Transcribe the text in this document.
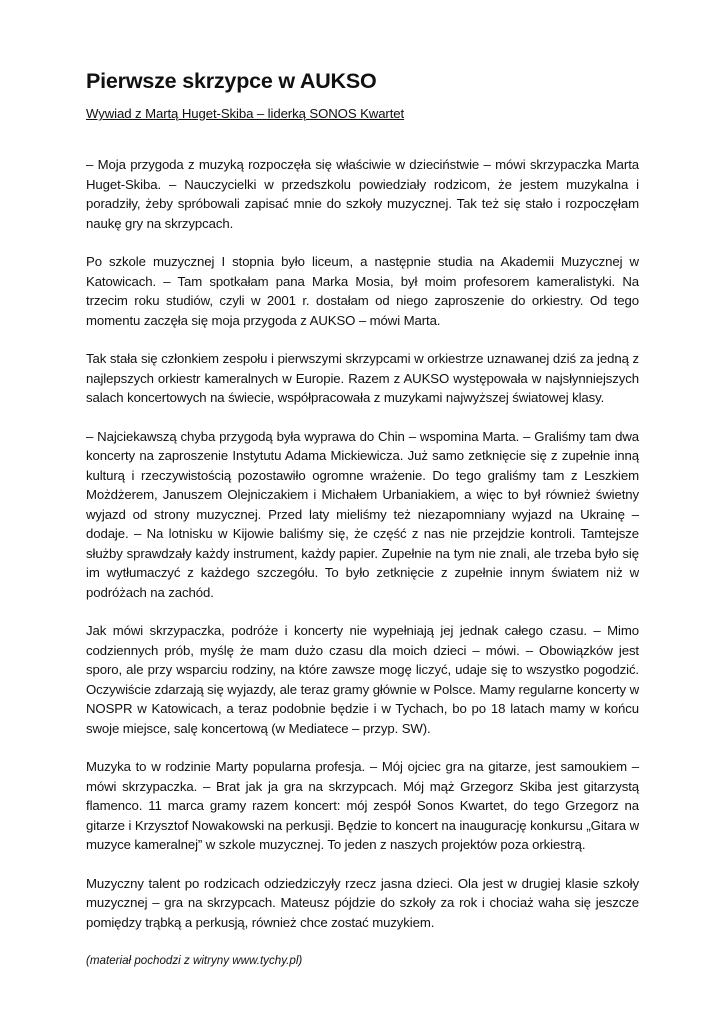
Pierwsze skrzypce w AUKSO
Wywiad z Martą Huget-Skiba – liderką SONOS Kwartet

– Moja przygoda z muzyką rozpoczęła się właściwie w dzieciństwie – mówi skrzypaczka Marta Huget-Skiba. – Nauczycielki w przedszkolu powiedziały rodzicom, że jestem muzykalna i poradziły, żeby spróbowali zapisać mnie do szkoły muzycznej. Tak też się stało i rozpoczęłam naukę gry na skrzypcach.

Po szkole muzycznej I stopnia było liceum, a następnie studia na Akademii Muzycznej w Katowicach. – Tam spotkałam pana Marka Mosia, był moim profesorem kameralistyki. Na trzecim roku studiów, czyli w 2001 r. dostałam od niego zaproszenie do orkiestry. Od tego momentu zaczęła się moja przygoda z AUKSO – mówi Marta.

Tak stała się członkiem zespołu i pierwszymi skrzypcami w orkiestrze uznawanej dziś za jedną z najlepszych orkiestr kameralnych w Europie. Razem z AUKSO występowała w najsłynniejszych salach koncertowych na świecie, współpracowała z muzykami najwyższej światowej klasy.

– Najciekawszą chyba przygodą była wyprawa do Chin – wspomina Marta. – Graliśmy tam dwa koncerty na zaproszenie Instytutu Adama Mickiewicza. Już samo zetknięcie się z zupełnie inną kulturą i rzeczywistością pozostawiło ogromne wrażenie. Do tego graliśmy tam z Leszkiem Możdżerem, Januszem Olejniczakiem i Michałem Urbaniakiem, a więc to był również świetny wyjazd od strony muzycznej. Przed laty mieliśmy też niezapomniany wyjazd na Ukrainę – dodaje. – Na lotnisku w Kijowie baliśmy się, że część z nas nie przejdzie kontroli. Tamtejsze służby sprawdzały każdy instrument, każdy papier. Zupełnie na tym nie znali, ale trzeba było się im wytłumaczyć z każdego szczegółu. To było zetknięcie z zupełnie innym światem niż w podróżach na zachód.

Jak mówi skrzypaczka, podróże i koncerty nie wypełniają jej jednak całego czasu. – Mimo codziennych prób, myślę że mam dużo czasu dla moich dzieci – mówi. – Obowiązków jest sporo, ale przy wsparciu rodziny, na które zawsze mogę liczyć, udaje się to wszystko pogodzić. Oczywiście zdarzają się wyjazdy, ale teraz gramy głównie w Polsce. Mamy regularne koncerty w NOSPR w Katowicach, a teraz podobnie będzie i w Tychach, bo po 18 latach mamy w końcu swoje miejsce, salę koncertową (w Mediatece – przyp. SW).

Muzyka to w rodzinie Marty popularna profesja. – Mój ojciec gra na gitarze, jest samoukiem – mówi skrzypaczka. – Brat jak ja gra na skrzypcach. Mój mąż Grzegorz Skiba jest gitarzystą flamenco. 11 marca gramy razem koncert: mój zespół Sonos Kwartet, do tego Grzegorz na gitarze i Krzysztof Nowakowski na perkusji. Będzie to koncert na inaugurację konkursu „Gitara w muzyce kameralnej” w szkole muzycznej. To jeden z naszych projektów poza orkiestrą.

Muzyczny talent po rodzicach odziedziczyły rzecz jasna dzieci. Ola jest w drugiej klasie szkoły muzycznej – gra na skrzypcach. Mateusz pójdzie do szkoły za rok i chociaż waha się jeszcze pomiędzy trąbką a perkusją, również chce zostać muzykiem.

(materiał pochodzi z witryny www.tychy.pl)
